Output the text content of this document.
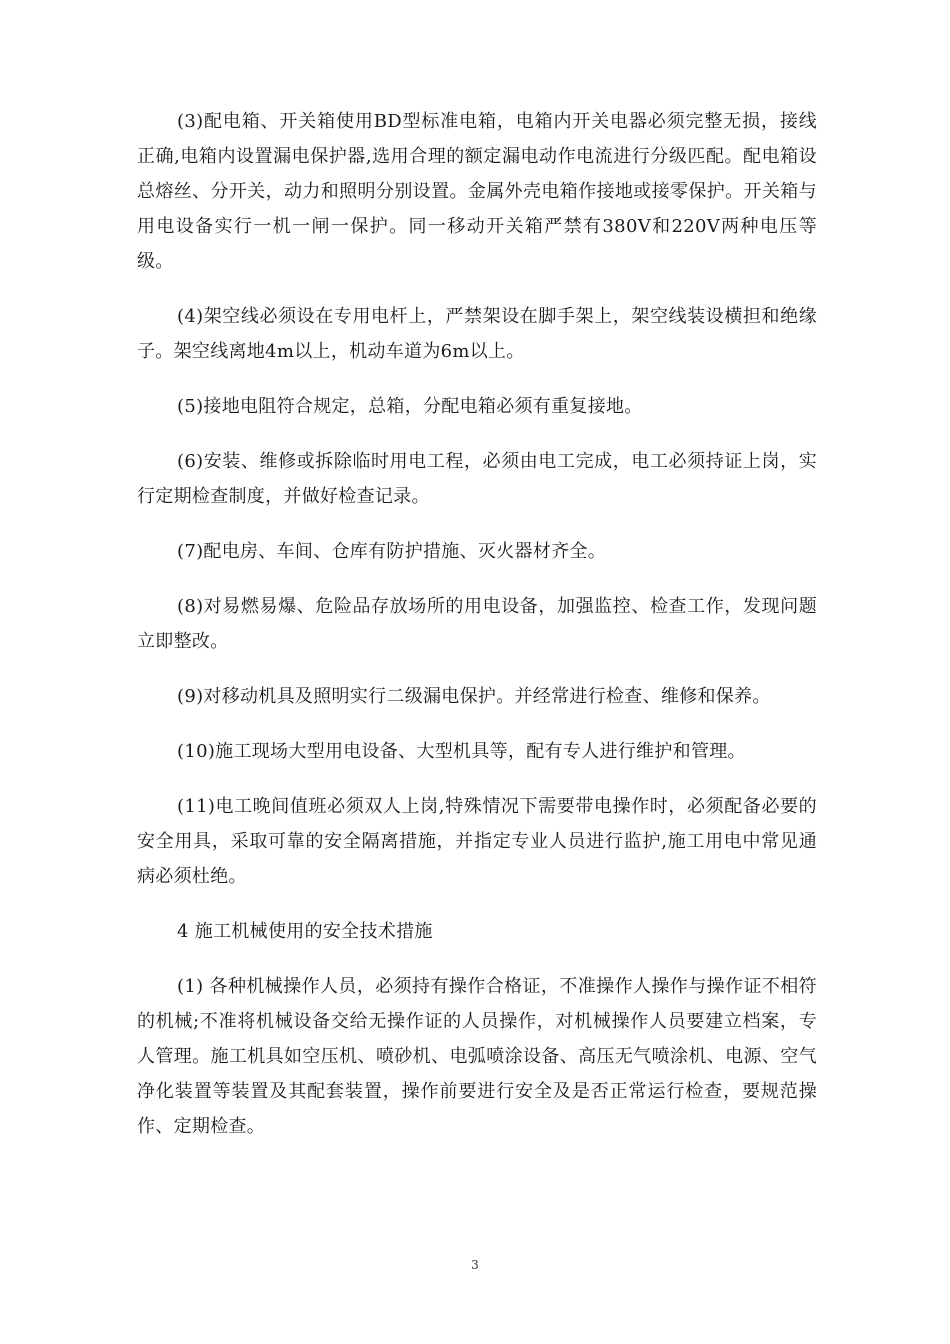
(3)配电箱、开关箱使用BD型标准电箱，电箱内开关电器必须完整无损，接线正确,电箱内设置漏电保护器,选用合理的额定漏电动作电流进行分级匹配。配电箱设总熔丝、分开关，动力和照明分别设置。金属外壳电箱作接地或接零保护。开关箱与用电设备实行一机一闸一保护。同一移动开关箱严禁有380V和220V两种电压等级。

(4)架空线必须设在专用电杆上，严禁架设在脚手架上，架空线装设横担和绝缘子。架空线离地4m以上，机动车道为6m以上。

(5)接地电阻符合规定，总箱，分配电箱必须有重复接地。

(6)安装、维修或拆除临时用电工程，必须由电工完成，电工必须持证上岗，实行定期检查制度，并做好检查记录。

(7)配电房、车间、仓库有防护措施、灭火器材齐全。

(8)对易燃易爆、危险品存放场所的用电设备，加强监控、检查工作，发现问题立即整改。

(9)对移动机具及照明实行二级漏电保护。并经常进行检查、维修和保养。

(10)施工现场大型用电设备、大型机具等，配有专人进行维护和管理。

(11)电工晚间值班必须双人上岗,特殊情况下需要带电操作时，必须配备必要的安全用具，采取可靠的安全隔离措施，并指定专业人员进行监护,施工用电中常见通病必须杜绝。

4 施工机械使用的安全技术措施

(1) 各种机械操作人员，必须持有操作合格证，不准操作人操作与操作证不相符的机械;不准将机械设备交给无操作证的人员操作，对机械操作人员要建立档案，专人管理。施工机具如空压机、喷砂机、电弧喷涂设备、高压无气喷涂机、电源、空气净化装置等装置及其配套装置，操作前要进行安全及是否正常运行检查，要规范操作、定期检查。

3
